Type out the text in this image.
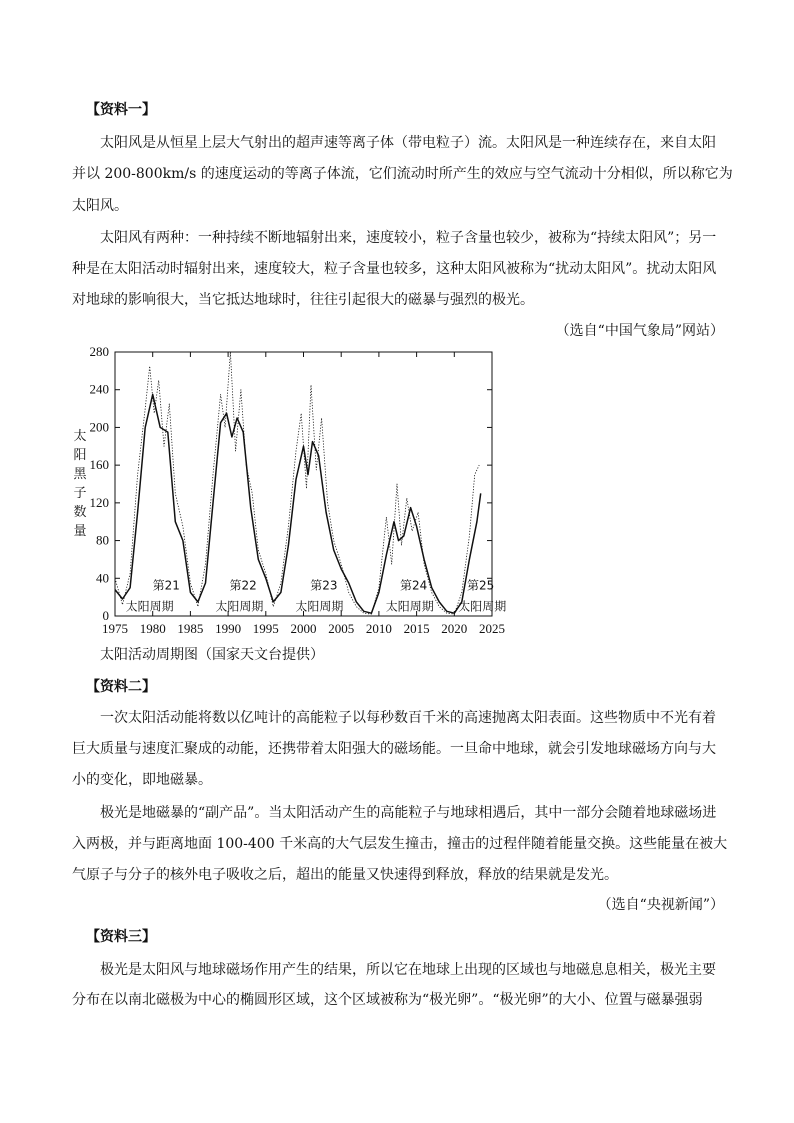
【资料一】
太阳风是从恒星上层大气射出的超声速等离子体（带电粒子）流。太阳风是一种连续存在，来自太阳
并以 200-800km/s 的速度运动的等离子体流，它们流动时所产生的效应与空气流动十分相似，所以称它为
太阳风。
太阳风有两种：一种持续不断地辐射出来，速度较小，粒子含量也较少，被称为“持续太阳风”；另一
种是在太阳活动时辐射出来，速度较大，粒子含量也较多，这种太阳风被称为“扰动太阳风”。扰动太阳风
对地球的影响很大，当它抵达地球时，往往引起很大的磁暴与强烈的极光。
（选自“中国气象局”网站）
太阳黑子数量
0
40
80
120
160
200
240
280
1975 1980 1985 1990 1995 2000 2005 2010 2015 2020 2025
第21
太阳周期
第22
太阳周期
第23
太阳周期
第24
太阳周期
第25
太阳周期
太阳活动周期图（国家天文台提供）
【资料二】
一次太阳活动能将数以亿吨计的高能粒子以每秒数百千米的高速抛离太阳表面。这些物质中不光有着
巨大质量与速度汇聚成的动能，还携带着太阳强大的磁场能。一旦命中地球，就会引发地球磁场方向与大
小的变化，即地磁暴。
极光是地磁暴的“副产品”。当太阳活动产生的高能粒子与地球相遇后，其中一部分会随着地球磁场进
入两极，并与距离地面 100-400 千米高的大气层发生撞击，撞击的过程伴随着能量交换。这些能量在被大
气原子与分子的核外电子吸收之后，超出的能量又快速得到释放，释放的结果就是发光。
（选自“央视新闻”）
【资料三】
极光是太阳风与地球磁场作用产生的结果，所以它在地球上出现的区域也与地磁息息相关，极光主要
分布在以南北磁极为中心的椭圆形区域，这个区域被称为“极光卵”。“极光卵”的大小、位置与磁暴强弱
